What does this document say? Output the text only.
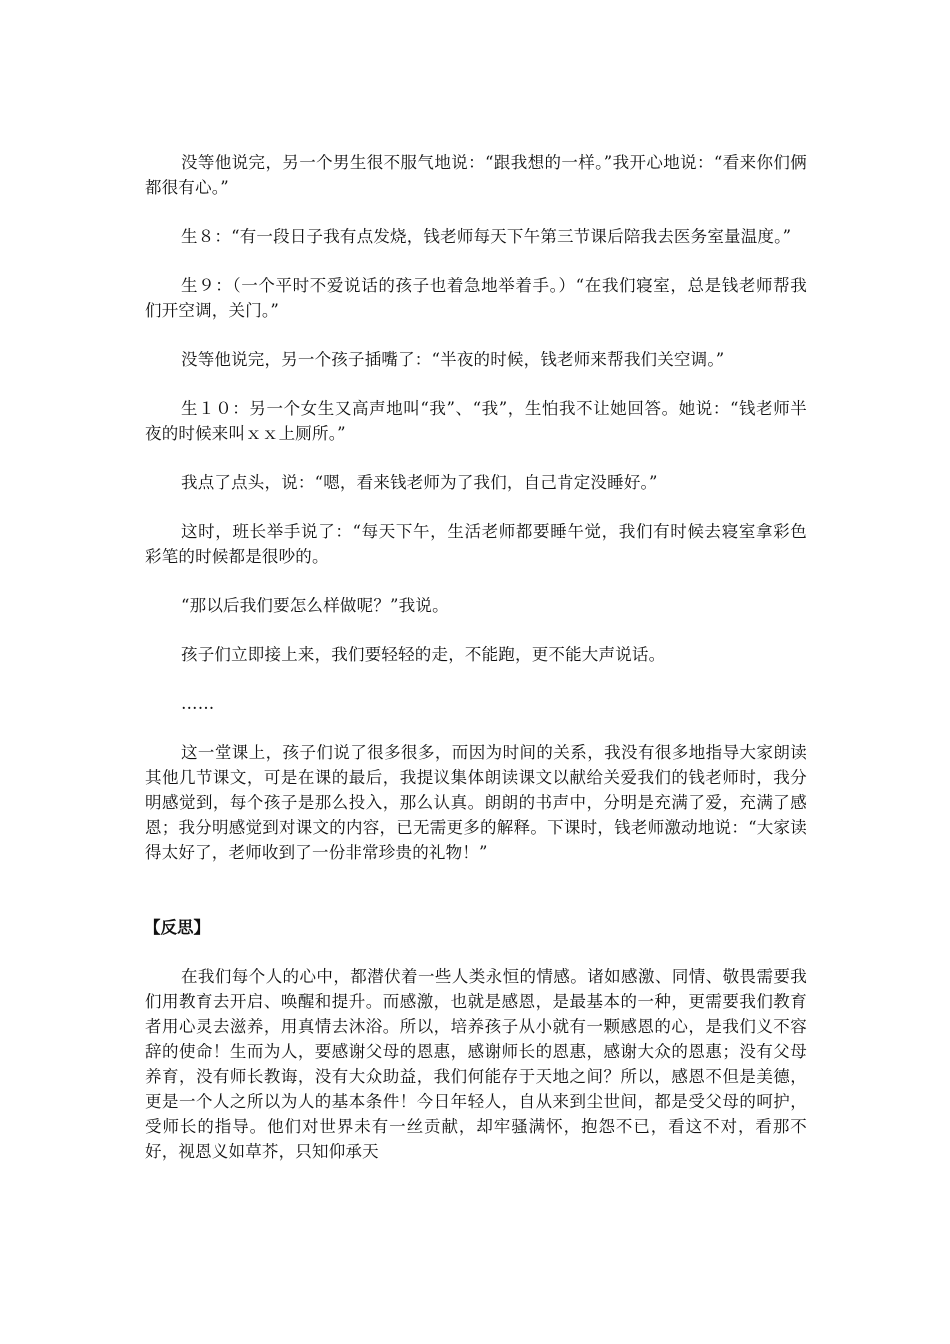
没等他说完，另一个男生很不服气地说：“跟我想的一样。”我开心地说：“看来你们俩都很有心。”

生８：“有一段日子我有点发烧，钱老师每天下午第三节课后陪我去医务室量温度。”

生９：（一个平时不爱说话的孩子也着急地举着手。）“在我们寝室，总是钱老师帮我们开空调，关门。”

没等他说完，另一个孩子插嘴了：“半夜的时候，钱老师来帮我们关空调。”

生１０：另一个女生又高声地叫“我”、“我”，生怕我不让她回答。她说：“钱老师半夜的时候来叫ｘｘ上厕所。”

我点了点头，说：“嗯，看来钱老师为了我们，自己肯定没睡好。”

这时，班长举手说了：“每天下午，生活老师都要睡午觉，我们有时候去寝室拿彩色彩笔的时候都是很吵的。

“那以后我们要怎么样做呢？”我说。

孩子们立即接上来，我们要轻轻的走，不能跑，更不能大声说话。

……

这一堂课上，孩子们说了很多很多，而因为时间的关系，我没有很多地指导大家朗读其他几节课文，可是在课的最后，我提议集体朗读课文以献给关爱我们的钱老师时，我分明感觉到，每个孩子是那么投入，那么认真。朗朗的书声中，分明是充满了爱，充满了感恩；我分明感觉到对课文的内容，已无需更多的解释。下课时，钱老师激动地说：“大家读得太好了，老师收到了一份非常珍贵的礼物！”

【反思】

在我们每个人的心中，都潜伏着一些人类永恒的情感。诸如感激、同情、敬畏需要我们用教育去开启、唤醒和提升。而感激，也就是感恩，是最基本的一种，更需要我们教育者用心灵去滋养，用真情去沐浴。所以，培养孩子从小就有一颗感恩的心，是我们义不容辞的使命！生而为人，要感谢父母的恩惠，感谢师长的恩惠，感谢大众的恩惠；没有父母养育，没有师长教诲，没有大众助益，我们何能存于天地之间？所以，感恩不但是美德，更是一个人之所以为人的基本条件！今日年轻人，自从来到尘世间，都是受父母的呵护，受师长的指导。他们对世界未有一丝贡献，却牢骚满怀，抱怨不已，看这不对，看那不好，视恩义如草芥，只知仰承天
